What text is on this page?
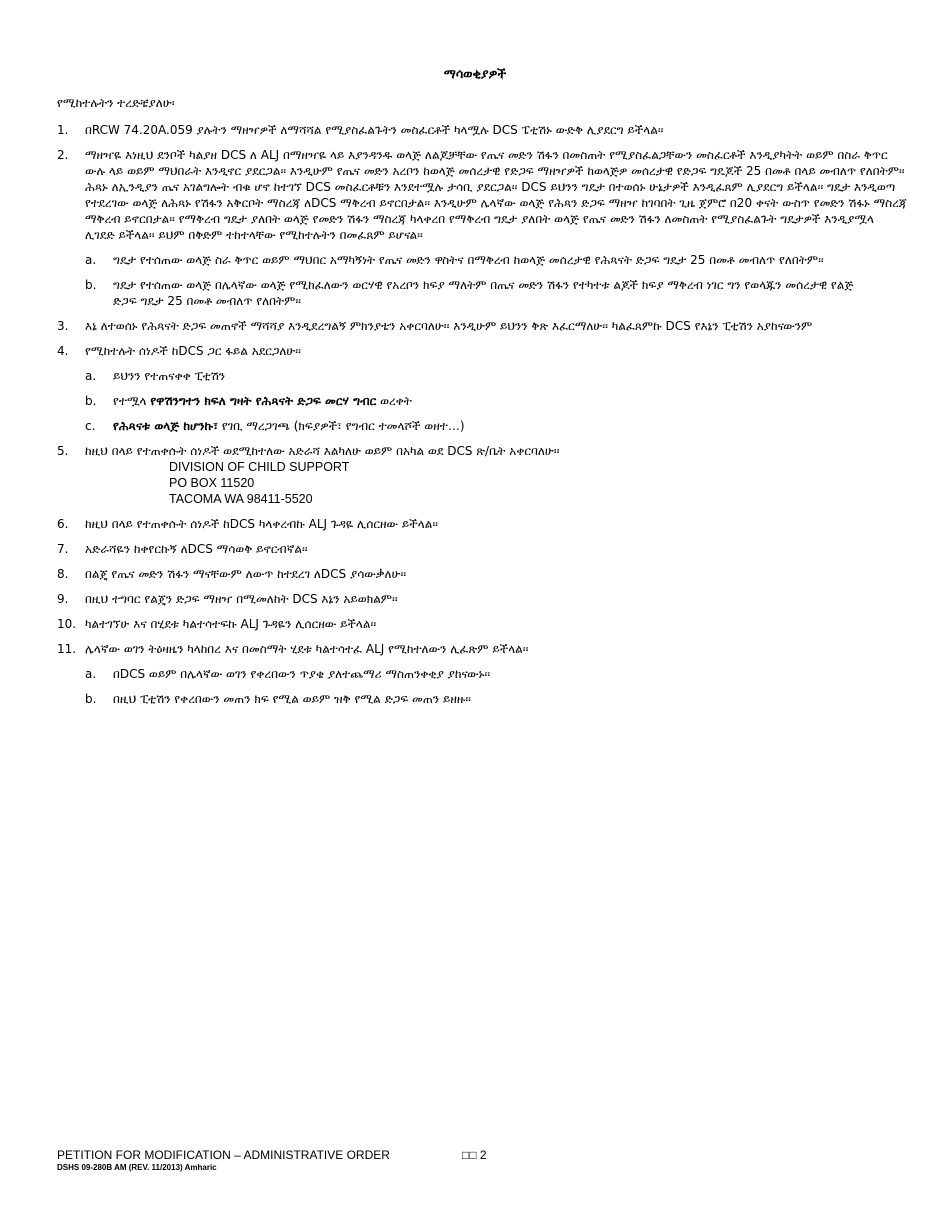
ማሳወቂያዎች
የሚከተሉትን ተረድቼያለሁ፡
1.	በRCW 74.20A.059 ያሉትን ማዘዣዎች ለማሻሻል የሚያስፈልጉትን መስፈርቶች ካላሟሉ DCS ፔቲሽኑ ውድቅ ሊያደርግ ይችላል፡፡
2.	ማዘዣዬ እነዚህ ደንቦች ካልያዘ DCS ለ ALJ በማዘዣዬ ላይ እያንዳንዱ ወላጅ ለልጆቻቸው የጤና መድን ሽፋን በመስጠት የሚያስፈልጋቸውን መስፈርቶች እንዲያካትት ወይም በስራ ቅጥር ውሉ ላይ ወይም ማህበራት እንዲኖር ያደርጋል፡፡ እንዲሁም የጤና መድን አረቦን ከወላጅ መሰረታዊ የድጋፍ ማዘዣዎች ከወላጅዎ መሰረታዊ የድጋፍ ግዴጆች 25 በመቶ በላይ መብለጥ የለበትም፡፡ ሕጻኑ ለኢንዲያን ጤና አገልግሎት ብቁ ሆኖ ከተገኘ DCS መስፈርቶቹን እንደተሟሉ ታሳቢ ያደርጋል፡፡ DCS ይህንን ግዴታ በተወሰኑ ሁኔታዎች እንዲፈጸም ሊያደርግ ይችላል፡፡ ግዴታ እንዲወጣ የተደረገው ወላጅ ለሕጻኑ የሽፋን አቅርቦት ማስረጃ ለDCS ማቅረብ ይኖርበታል፡፡ እንዲሁም ሌላኛው ወላጅ የሕጻን ድጋፍ ማዘዣ ከገባበት ጊዜ ጀምሮ በ20 ቀናት ውስጥ የመድን ሽፋኑ ማስረጃ ማቅረብ ይኖርበታል፡፡ የማቅረብ ግዴታ ያለበት ወላጅ የመድን ሽፋን ማስረጃ ካላቀረበ የማቅረብ ግዴታ ያለበት ወላጅ የጤና መድን ሽፋን ለመስጠት የሚያስፈልጉት ግዴታዎች እንዲያሟላ ሊገደድ ይችላል፡፡ ይህም በቅድም ተከተላቸው የሚከተሉትን በመፈጸም ይሆናል፡፡
a.	ግዴታ የተሰጠው ወላጅ ስራ ቅጥር ወይም ማህበር አማካኝነት የጤና መድን ዋስትና በማቅረብ ከወላጅ መሰረታዊ የሕጻናት ድጋፍ ግዴታ 25 በመቶ መብለጥ የለበትም፡፡
b.	ግዴታ የተሰጠው ወላጅ በሌላኛው ወላጅ የሚከፈለውን ወርሃዊ የአረቦን ክፍያ ማለትም በጤና መድን ሽፋን የተካተቱ ልጆች ክፍያ ማቅረብ ነገር ግን የወላጁን መሰረታዊ የልጅ ድጋፍ ግዴታ 25 በመቶ መብለጥ የለበትም፡፡
3.	እኔ ለተወሰኑ የሕጻናት ድጋፍ መጠኖች ማሻሻያ እንዲደረግልኝ ምክንያቴን አቀርባለሁ፡፡ እንዲሁም ይህንን ቅጽ እፈርማለሁ፡፡ ካልፈጸምኩ DCS የእኔን ፒቲሽን አያከናውንም
4.	የሚከተሉት ሰነዶች ከDCS ጋር ፋይል አደርጋለሁ፡፡
a.	ይህንን የተጠናቀቀ ፒቲሽን
b.	የተሟላ የዋሽንግተን ክፍለ ግዛት የሕጻናት ድጋፍ መርሃ ግብር ወረቀት
c.	የሕጻናቱ ወላጅ ከሆንኩ፣ የገቢ ማረጋገጫ (ክፍያዎች፣ የግብር ተመላሾች ወዘተ…)
5.	ከዚህ በላይ የተጠቀሱት ሰነዶች ወደሚከተለው አድራሻ እልካለሁ ወይም በአካል ወደ DCS ጽ/ቤት አቀርባለሁ፡፡
DIVISION OF CHILD SUPPORT
PO BOX 11520
TACOMA WA 98411-5520
6.	ከዚህ በላይ የተጠቀሱት ሰነዶች ከDCS ካላቀረብኩ ALJ ጉዳዬ ሊሰርዘው ይችላል፡፡
7.	አድራሻዬን ከቀየርኩኝ ለDCS ማሳወቅ ይኖርብኛል፡፡
8.	በልጄ የጤና መድን ሽፋን ማናቸውም ለውጥ ከተደረገ ለDCS ያሳውቃለሁ፡፡
9.	በዚህ ተግባር የልጄን ድጋፍ ማዘዣ በሚመለከት DCS እኔን አይወክልም፡፡
10. ካልተገኘሁ እና በሂደቱ ካልተሳተፍኩ ALJ ጉዳዬን ሊሰርዘው ይችላል፡፡
11. ሌላኛው ወገን ትዕዛዜን ካላከበረ እና በመስማት ሂደቱ ካልተሳተፈ ALJ የሚከተለውን ሊፈጽም ይችላል፡፡
a.	በDCS ወይም በሌላኛው ወገን የቀረበውን ጥያቄ ያለተጨማሪ ማስጠንቀቂያ ያከናውኑ፡፡
b.	በዚህ ፒቲሽን የቀረበውን መጠን ክፍ የሚል ወይም ዝቅ የሚል ድጋፍ መጠን ይዘዙ፡፡
PETITION FOR MODIFICATION – ADMINISTRATIVE ORDER	□□ 2
DSHS 09-280B AM (REV. 11/2013) Amharic
